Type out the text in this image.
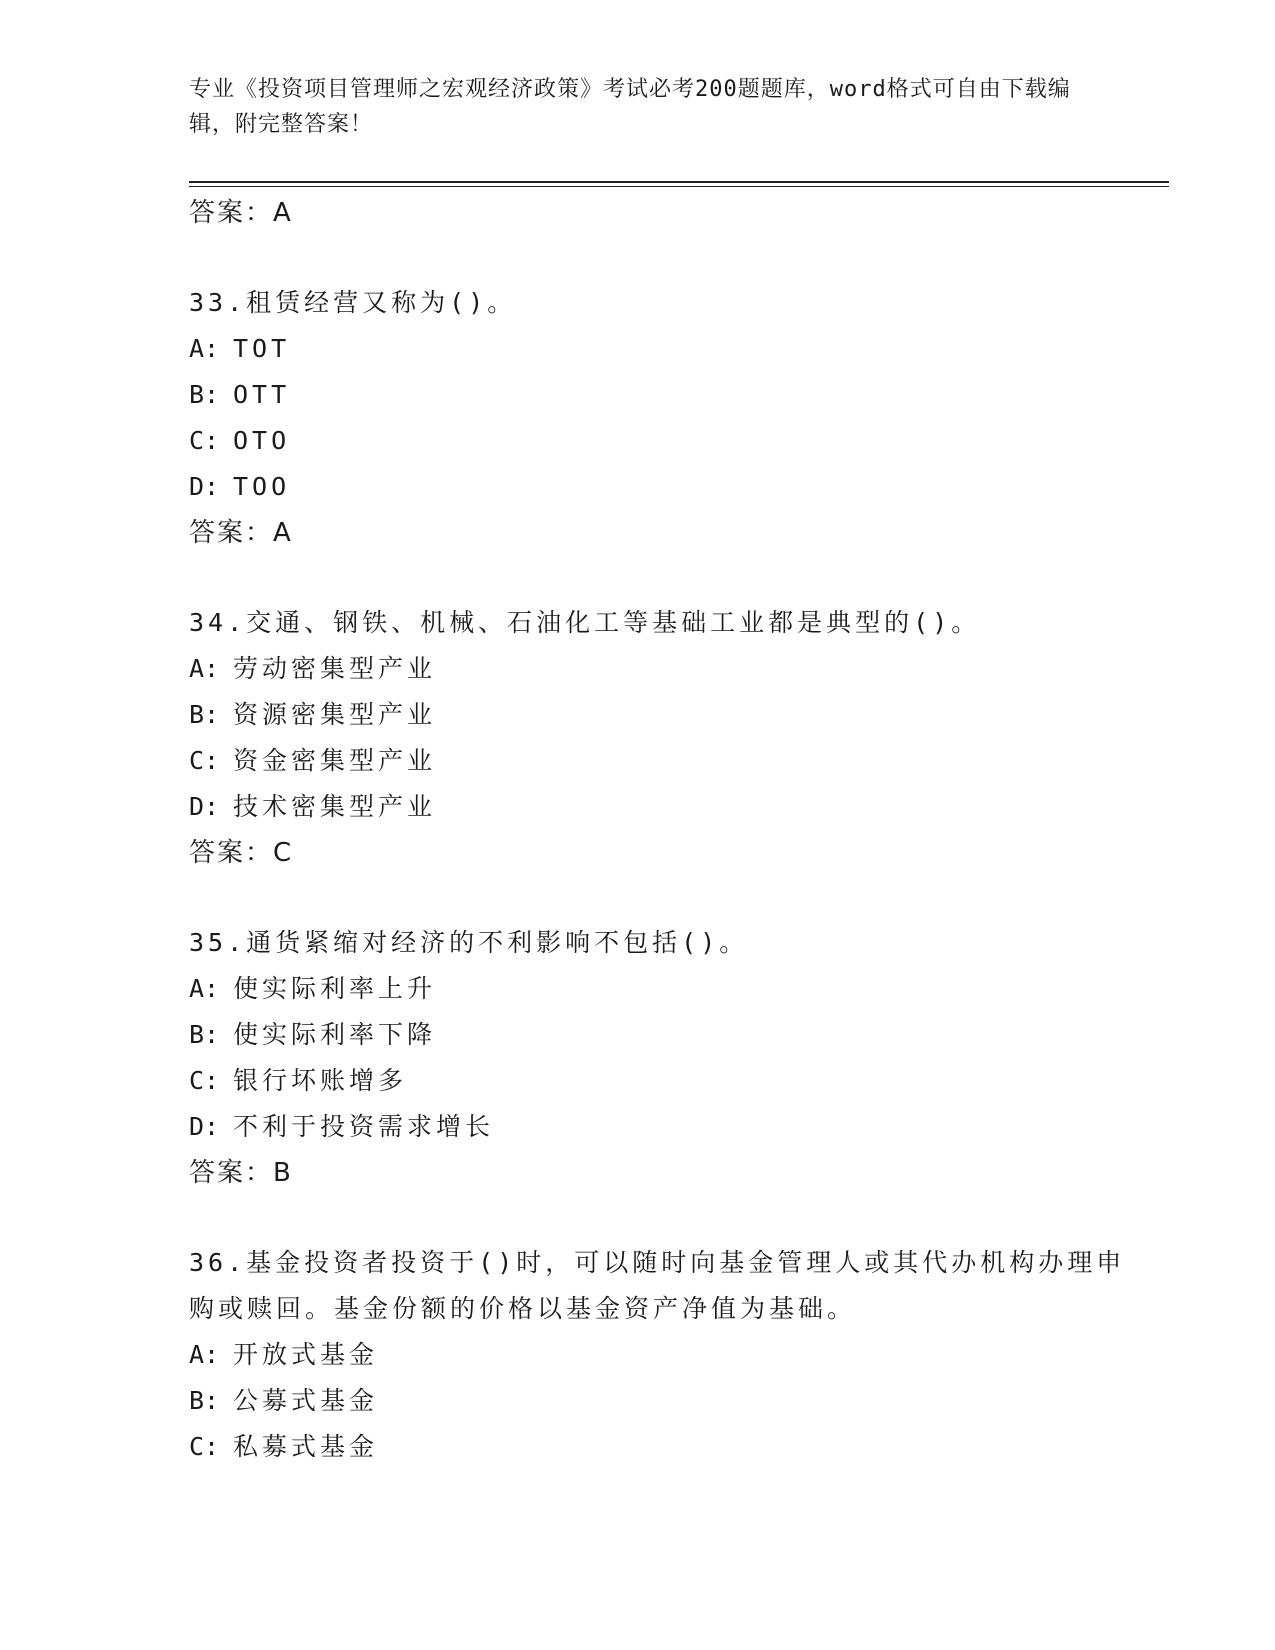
专业《投资项目管理师之宏观经济政策》考试必考200题题库，word格式可自由下载编辑，附完整答案！
答案：A
33.租赁经营又称为()。
A: TOT
B: OTT
C: OTO
D: TOO
答案：A
34.交通、钢铁、机械、石油化工等基础工业都是典型的()。
A: 劳动密集型产业
B: 资源密集型产业
C: 资金密集型产业
D: 技术密集型产业
答案：C
35.通货紧缩对经济的不利影响不包括()。
A: 使实际利率上升
B: 使实际利率下降
C: 银行坏账增多
D: 不利于投资需求增长
答案：B
36.基金投资者投资于()时，可以随时向基金管理人或其代办机构办理申购或赎回。基金份额的价格以基金资产净值为基础。
A: 开放式基金
B: 公募式基金
C: 私募式基金
